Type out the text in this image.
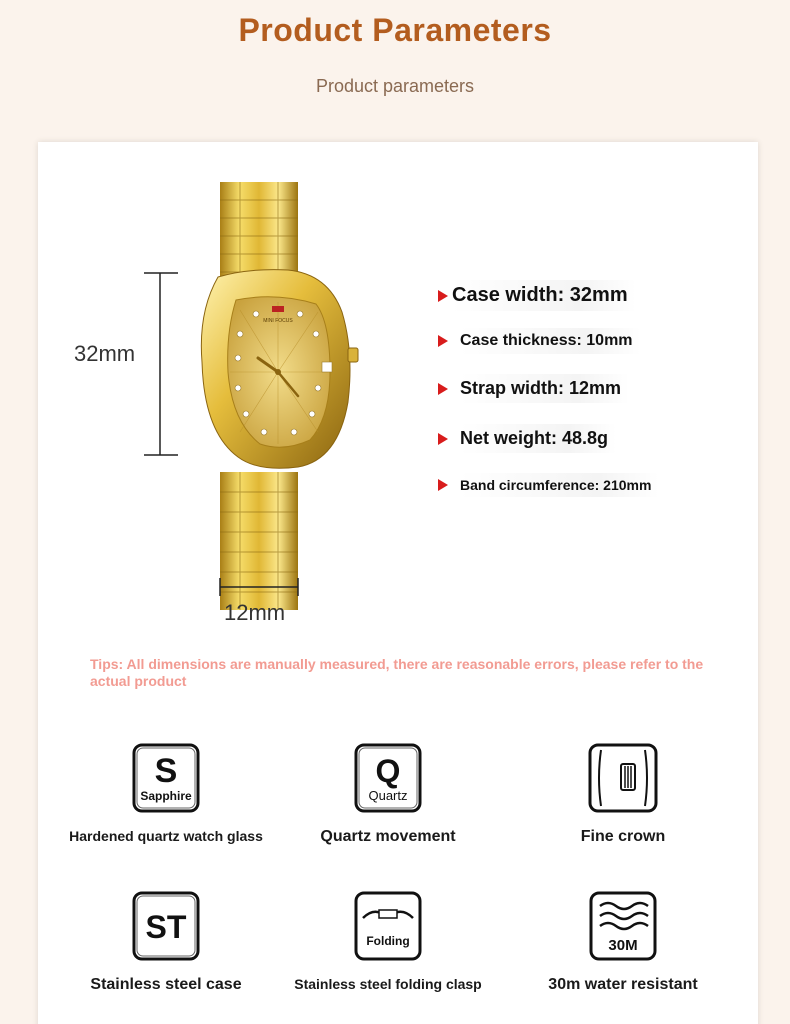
Product Parameters
Product parameters
MINI FOCUS
32mm
12mm
Case width: 32mm
Case thickness: 10mm
Strap width: 12mm
Net weight: 48.8g
Band circumference: 210mm
Tips: All dimensions are manually measured, there are reasonable errors, please refer to the actual product
S
Sapphire
Hardened quartz watch glass
Q
Quartz
Quartz movement	Fine crown
ST
Stainless steel case
Folding
Stainless steel folding clasp
30M
30m water resistant
